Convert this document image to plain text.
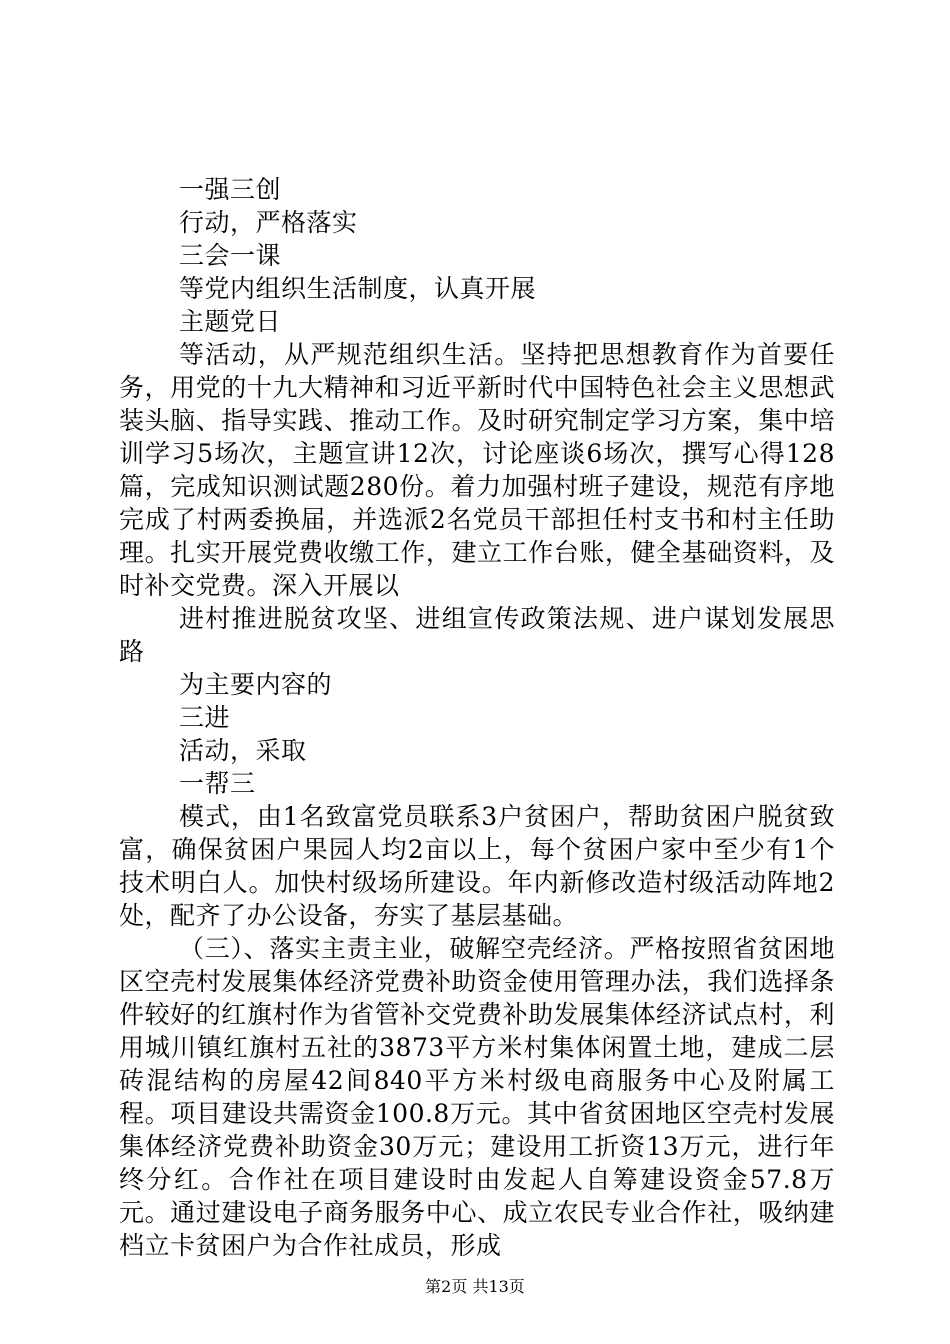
一强三创

行动，严格落实

三会一课

等党内组织生活制度，认真开展

主题党日

等活动，从严规范组织生活。坚持把思想教育作为首要任务，用党的十九大精神和习近平新时代中国特色社会主义思想武装头脑、指导实践、推动工作。及时研究制定学习方案，集中培训学习5场次，主题宣讲12次，讨论座谈6场次，撰写心得128篇，完成知识测试题280份。着力加强村班子建设，规范有序地完成了村两委换届，并选派2名党员干部担任村支书和村主任助理。扎实开展党费收缴工作，建立工作台账，健全基础资料，及时补交党费。深入开展以

进村推进脱贫攻坚、进组宣传政策法规、进户谋划发展思路

为主要内容的

三进

活动，采取

一帮三

模式，由1名致富党员联系3户贫困户，帮助贫困户脱贫致富，确保贫困户果园人均2亩以上，每个贫困户家中至少有1个技术明白人。加快村级场所建设。年内新修改造村级活动阵地2处，配齐了办公设备，夯实了基层基础。

（三）、落实主责主业，破解空壳经济。严格按照省贫困地区空壳村发展集体经济党费补助资金使用管理办法，我们选择条件较好的红旗村作为省管补交党费补助发展集体经济试点村，利用城川镇红旗村五社的3873平方米村集体闲置土地，建成二层砖混结构的房屋42间840平方米村级电商服务中心及附属工程。项目建设共需资金100.8万元。其中省贫困地区空壳村发展集体经济党费补助资金30万元；建设用工折资13万元，进行年终分红。合作社在项目建设时由发起人自筹建设资金57.8万元。通过建设电子商务服务中心、成立农民专业合作社，吸纳建档立卡贫困户为合作社成员，形成

第2页 共13页
